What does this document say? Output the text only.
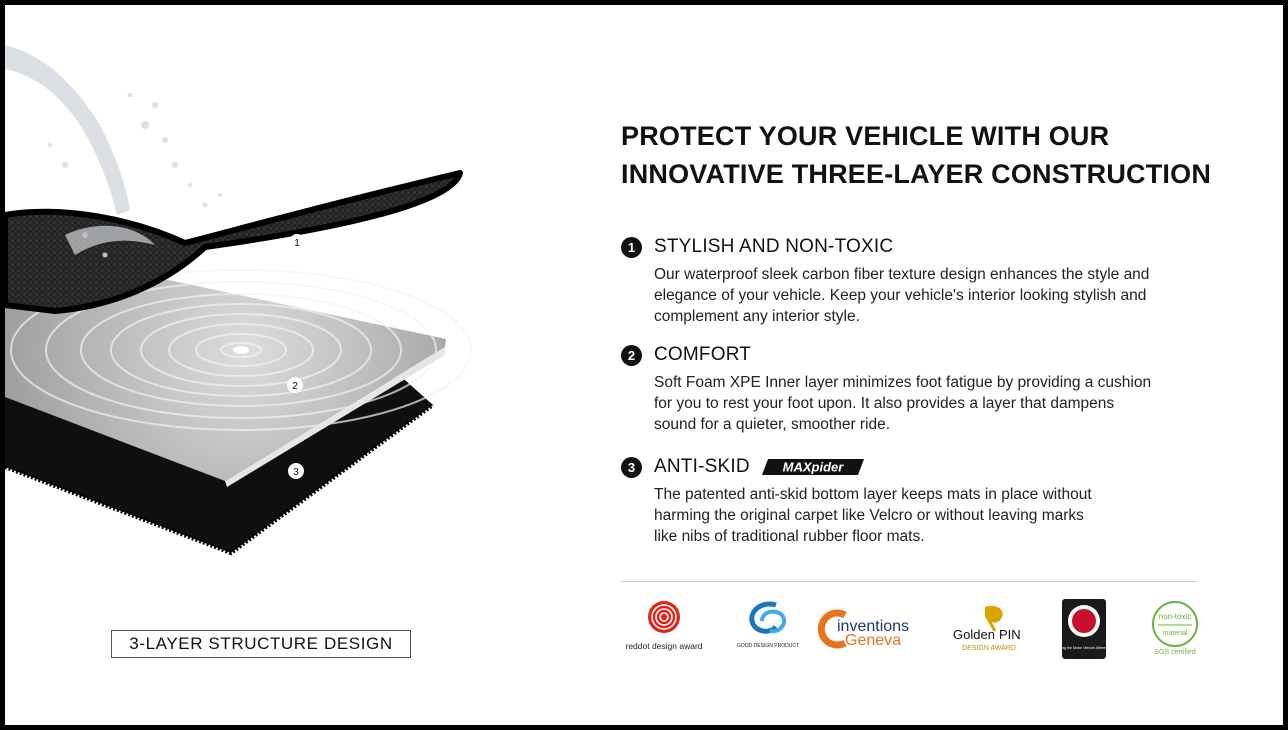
1
2
3
3-LAYER STRUCTURE DESIGN
PROTECT YOUR VEHICLE WITH OUR
INNOVATIVE THREE-LAYER CONSTRUCTION
1 STYLISH AND NON-TOXIC
Our waterproof sleek carbon fiber texture design enhances the style and
elegance of your vehicle. Keep your vehicle's interior looking stylish and
complement any interior style.
2 COMFORT
Soft Foam XPE Inner layer minimizes foot fatigue by providing a cushion
for you to rest your foot upon. It also provides a layer that dampens
sound for a quieter, smoother ride.
3 ANTI-SKID	MAXpider
The patented anti-skid bottom layer keeps mats in place without
harming the original carpet like Velcro or without leaving marks
like nibs of traditional rubber floor mats.
reddot design award	GOOD DESIGN PRODUCT
inventions
Geneva	Golden PIN
DESIGN AWARD	Serving the Motor Vehicle Aftermarket
non-toxic
material
SGS certified
